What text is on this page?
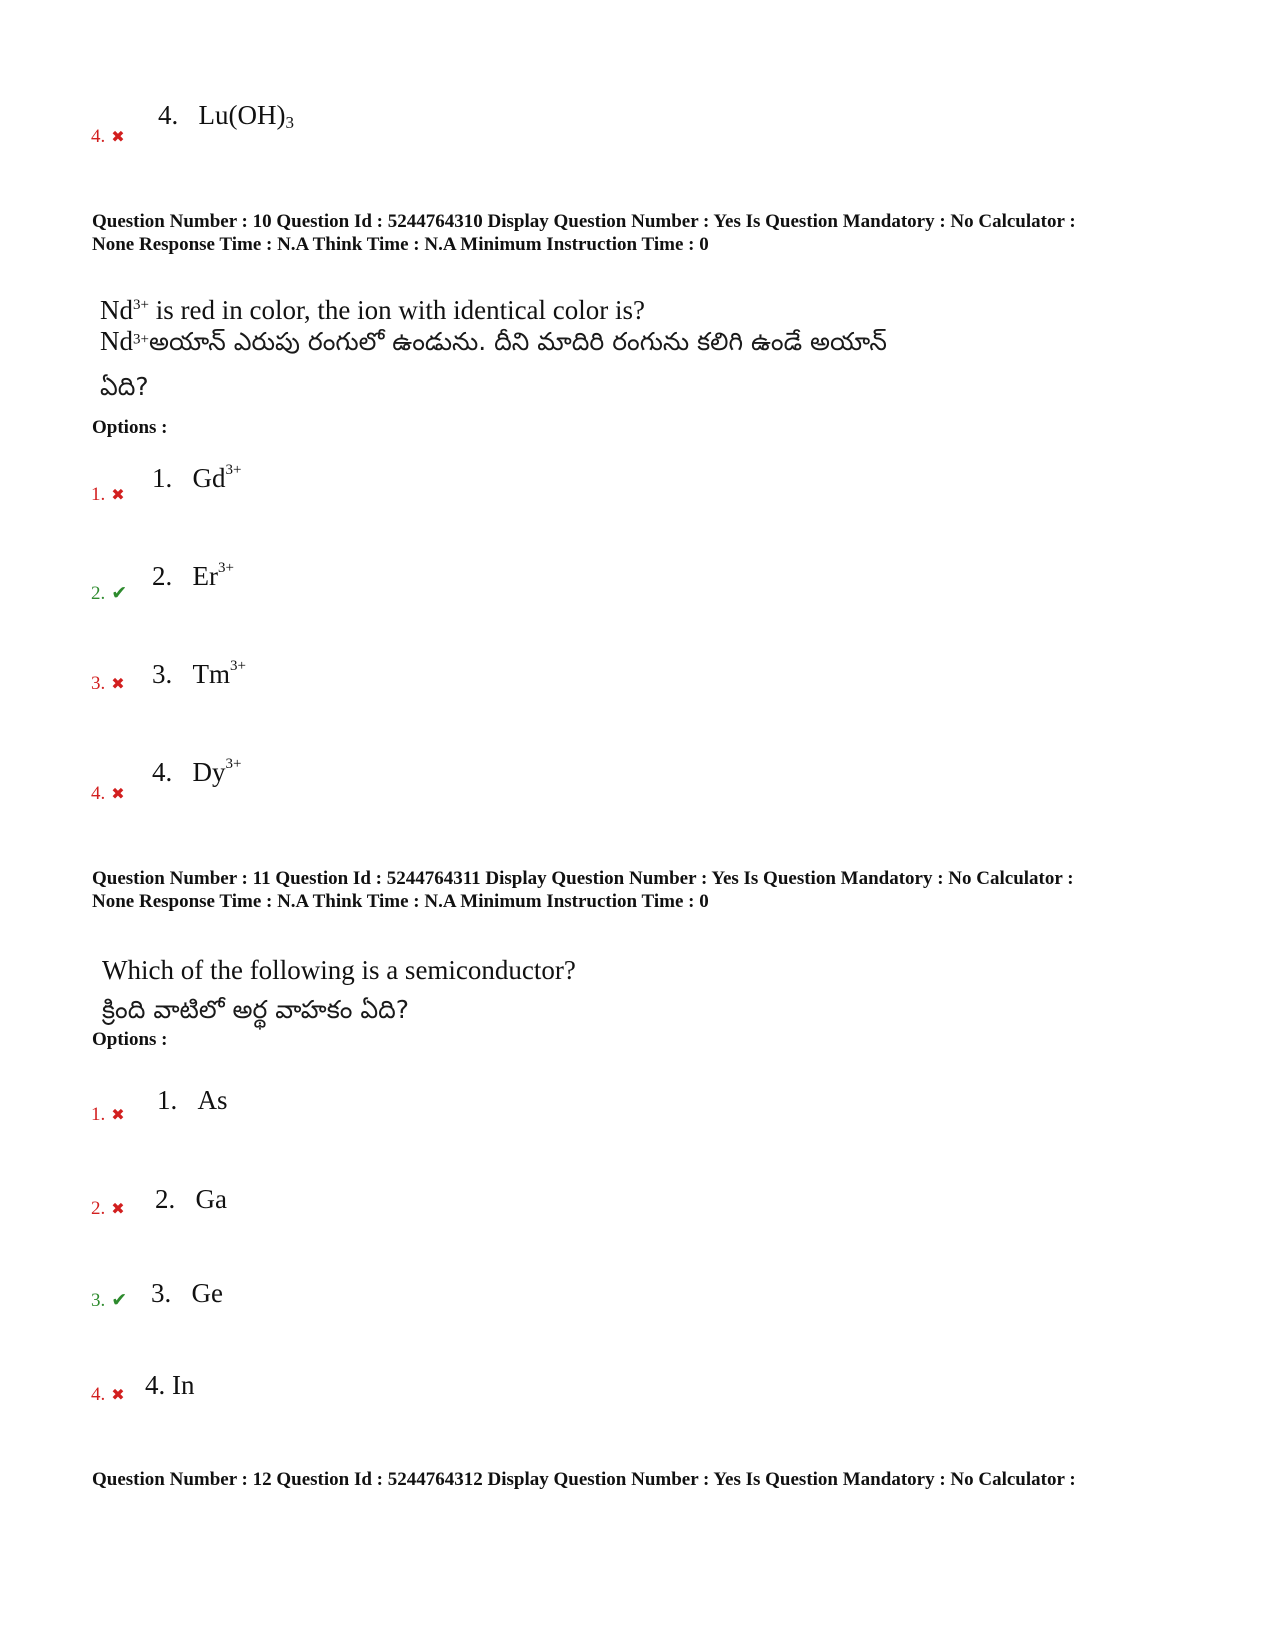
4. $Lu(OH)_3$
4. ✖
Question Number : 10 Question Id : 5244764310 Display Question Number : Yes Is Question Mandatory : No Calculator :
None Response Time : N.A Think Time : N.A Minimum Instruction Time : 0
$Nd^{3+}$ is red in color, the ion with identical color is?
$Nd^{3+}అయాన్$ ఎరుపు రంగులో ఉండును. దీని మాదిరి రంగును కలిగి ఉండే అయాన్
ఏది?
Options :
1. $Gd^{3+}$
1. ✖
2. $Er^{3+}$
2. ✔
3. $Tm^{3+}$
3. ✖
4. $Dy^{3+}$
4. ✖
Question Number : 11 Question Id : 5244764311 Display Question Number : Yes Is Question Mandatory : No Calculator :
None Response Time : N.A Think Time : N.A Minimum Instruction Time : 0
Which of the following is a semiconductor?
క్రింది వాటిలో అర్థ వాహకం ఏది?
Options :
1. As
1. ✖
2. Ga
2. ✖
3. Ge
3. ✔
4. In
4. ✖
Question Number : 12 Question Id : 5244764312 Display Question Number : Yes Is Question Mandatory : No Calculator :
